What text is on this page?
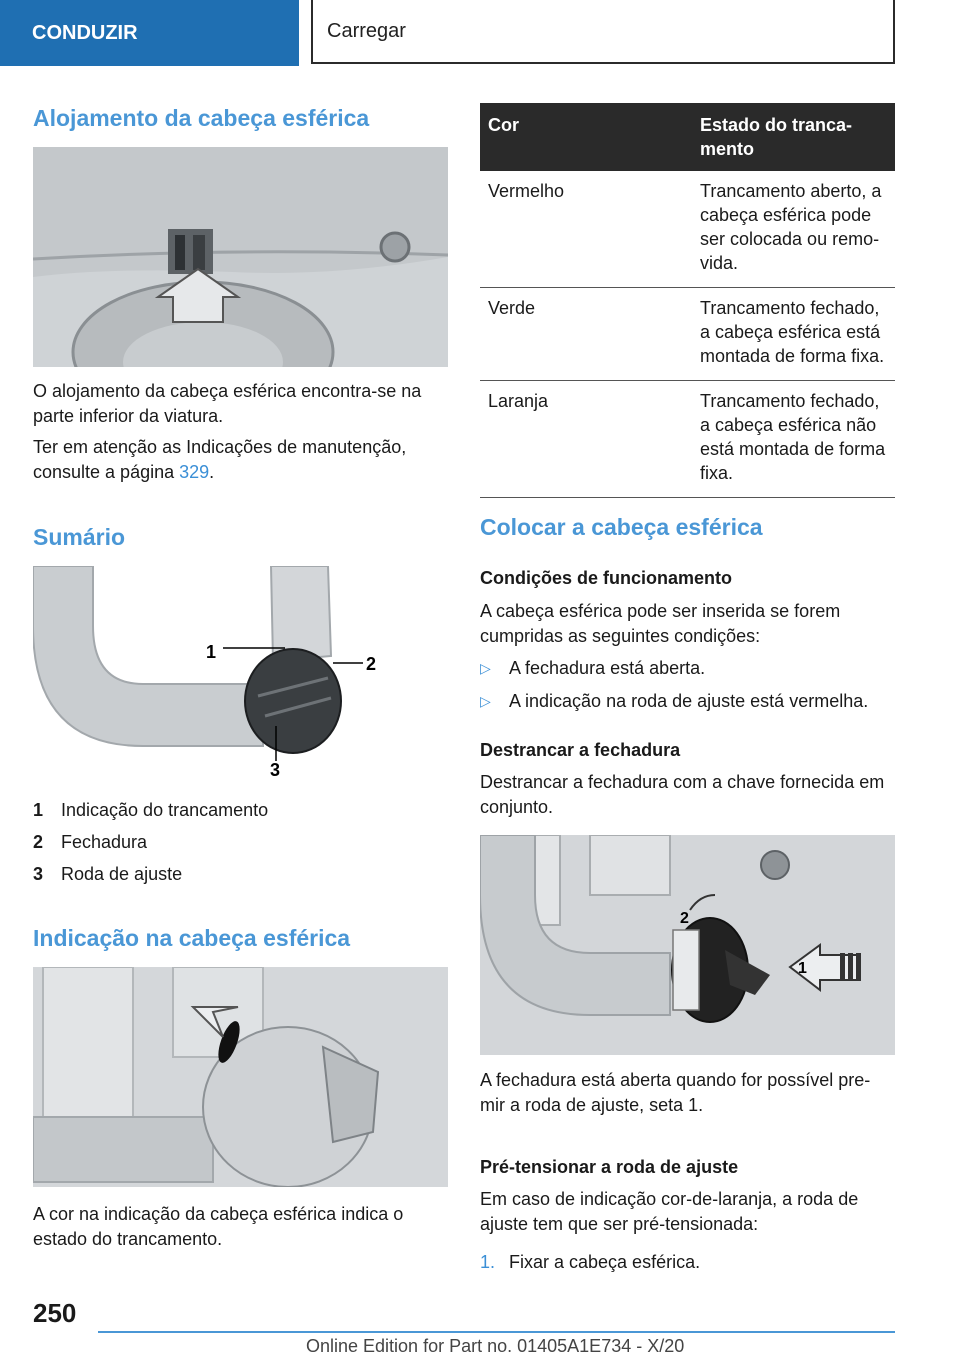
CONDUZIR	Carregar
Alojamento da cabeça esférica

O alojamento da cabeça esférica encontra-se na parte inferior da viatura.

Ter em atenção as Indicações de manutenção, consulte a página 329.

Sumário
1
2
3
1 Indicação do trancamento
2 Fechadura
3 Roda de ajuste
Indicação na cabeça esférica

A cor na indicação da cabeça esférica indica o estado do trancamento.

Cor	Estado do tranca-mento
Vermelho	Trancamento aberto, a cabeça esférica pode ser colocada ou remo-vida.
Verde	Trancamento fechado, a cabeça esférica está montada de forma fixa.
Laranja	Trancamento fechado, a cabeça esférica não está montada de forma fixa.
Colocar a cabeça esférica
Condições de funcionamento

A cabeça esférica pode ser inserida se forem cumpridas as seguintes condições:

▷	A fechadura está aberta.
▷	A indicação na roda de ajuste está vermelha.
Destrancar a fechadura

Destrancar a fechadura com a chave fornecida em conjunto.

1
2

A fechadura está aberta quando for possível pre-mir a roda de ajuste, seta 1.

Pré-tensionar a roda de ajuste

Em caso de indicação cor-de-laranja, a roda de ajuste tem que ser pré-tensionada:

1. Fixar a cabeça esférica.
250
Online Edition for Part no. 01405A1E734 - X/20
